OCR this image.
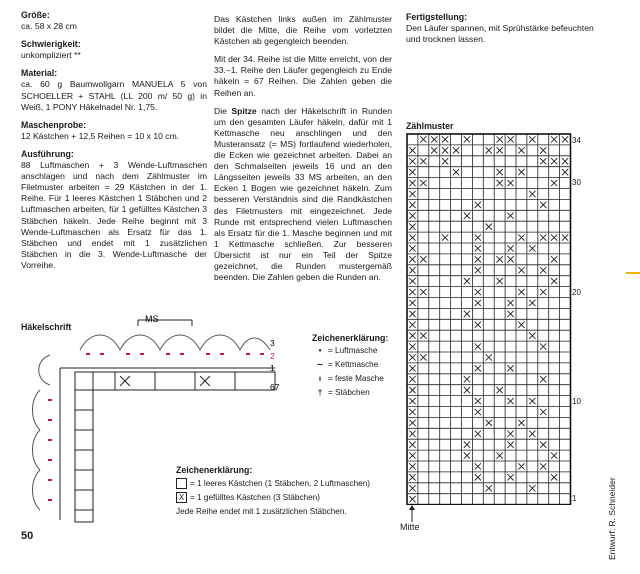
Größe:

ca. 58 x 28 cm

Schwierigkeit:

unkompliziert **

Material:

ca. 60 g Baumwollgarn MANUELA 5 von SCHOELLER + STAHL (LL 200 m/ 50 g) in Weiß, 1 PONY Häkelnadel Nr. 1,75.

Maschenprobe:

12 Kästchen + 12,5 Reihen = 10 x 10 cm.

Ausführung:

88 Luftmaschen + 3 Wende-Luftmaschen anschlagen und nach dem Zählmuster im Filetmuster arbeiten = 29 Kästchen in der 1. Reihe. Für 1 leeres Kästchen 1 Stäbchen und 2 Luftmaschen arbeiten, für 1 gefülltes Kästchen 3 Stäbchen häkeln. Jede Reihe beginnt mit 3 Wende-Luftmaschen als Ersatz für das 1. Stäbchen und endet mit 1 zusätzlichen Stäbchen in die 3. Wende-Luftmasche der Vorreihe.

Das Kästchen links außen im Zählmuster bildet die Mitte, die Reihe vom vorletzten Kästchen ab gegengleich beenden.

Mit der 34. Reihe ist die Mitte erreicht, von der 33.–1. Reihe den Läufer gegengleich zu Ende häkeln = 67 Reihen. Die Zahlen geben die Reihen an.

Die Spitze nach der Häkelschrift in Runden um den gesamten Läufer häkeln, dafür mit 1 Kettmasche neu anschlingen und den Musteransatz (= MS) fortlaufend wiederholen, die Ecken wie gezeichnet arbeiten. Dabei an den Schmalseiten jeweils 16 und an den Längsseiten jeweils 33 MS arbeiten, an den Ecken 1 Bogen wie gezeichnet häkeln. Zum besseren Verständnis sind die Randkästchen des Filetmusters mit eingezeichnet. Jede Runde mit entsprechend vielen Luftmaschen als Ersatz für die 1. Masche beginnen und mit 1 Kettmasche schließen. Zur besseren Übersicht ist nur ein Teil der Spitze gezeichnet, die Runden mustergemäß beenden. Die Zahlen geben die Runden an.

Fertigstellung:

Den Läufer spannen, mit Sprühstärke befeuchten und trocknen lassen.

Zählmuster
34
30
20
10
1
Mitte
Häkelschrift
MS
3
2
1
67
Zeichenerklärung:
• = Luftmasche
∼ = Kettmasche
ı = feste Masche
† = Stäbchen
Zeichenerklärung:
= 1 leeres Kästchen (1 Stäbchen, 2 Luftmaschen)
X = 1 gefülltes Kästchen (3 Stäbchen)
Jede Reihe endet mit 1 zusätzlichen Stäbchen.
50	Entwurf: R. Schneider
